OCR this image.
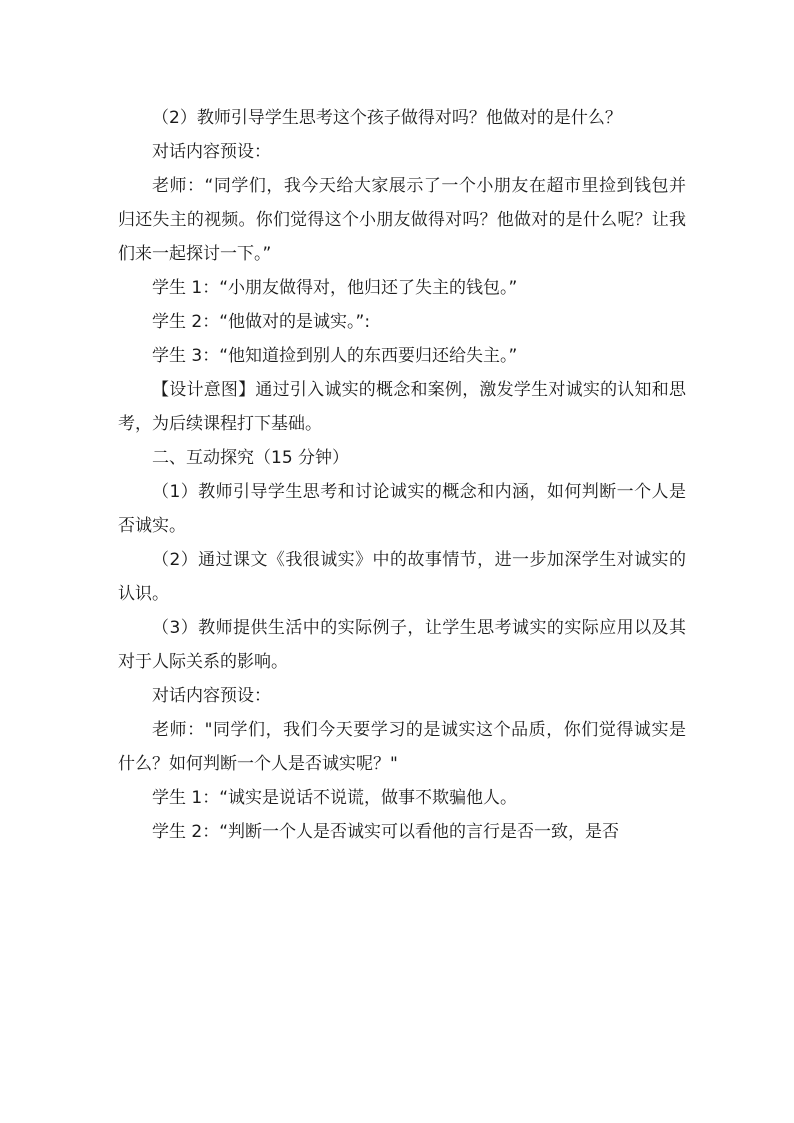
（2）教师引导学生思考这个孩子做得对吗？他做对的是什么？

对话内容预设：

老师：“同学们，我今天给大家展示了一个小朋友在超市里捡到钱包并归还失主的视频。你们觉得这个小朋友做得对吗？他做对的是什么呢？让我们来一起探讨一下。”

学生 1：“小朋友做得对，他归还了失主的钱包。”

学生 2：“他做对的是诚实。”:

学生 3：“他知道捡到别人的东西要归还给失主。”

【设计意图】通过引入诚实的概念和案例，激发学生对诚实的认知和思考，为后续课程打下基础。

二、互动探究（15 分钟）

（1）教师引导学生思考和讨论诚实的概念和内涵，如何判断一个人是否诚实。

（2）通过课文《我很诚实》中的故事情节，进一步加深学生对诚实的认识。

（3）教师提供生活中的实际例子，让学生思考诚实的实际应用以及其对于人际关系的影响。

对话内容预设：

老师："同学们，我们今天要学习的是诚实这个品质，你们觉得诚实是什么？如何判断一个人是否诚实呢？"

学生 1：“诚实是说话不说谎，做事不欺骗他人。

学生 2：“判断一个人是否诚实可以看他的言行是否一致，是否
